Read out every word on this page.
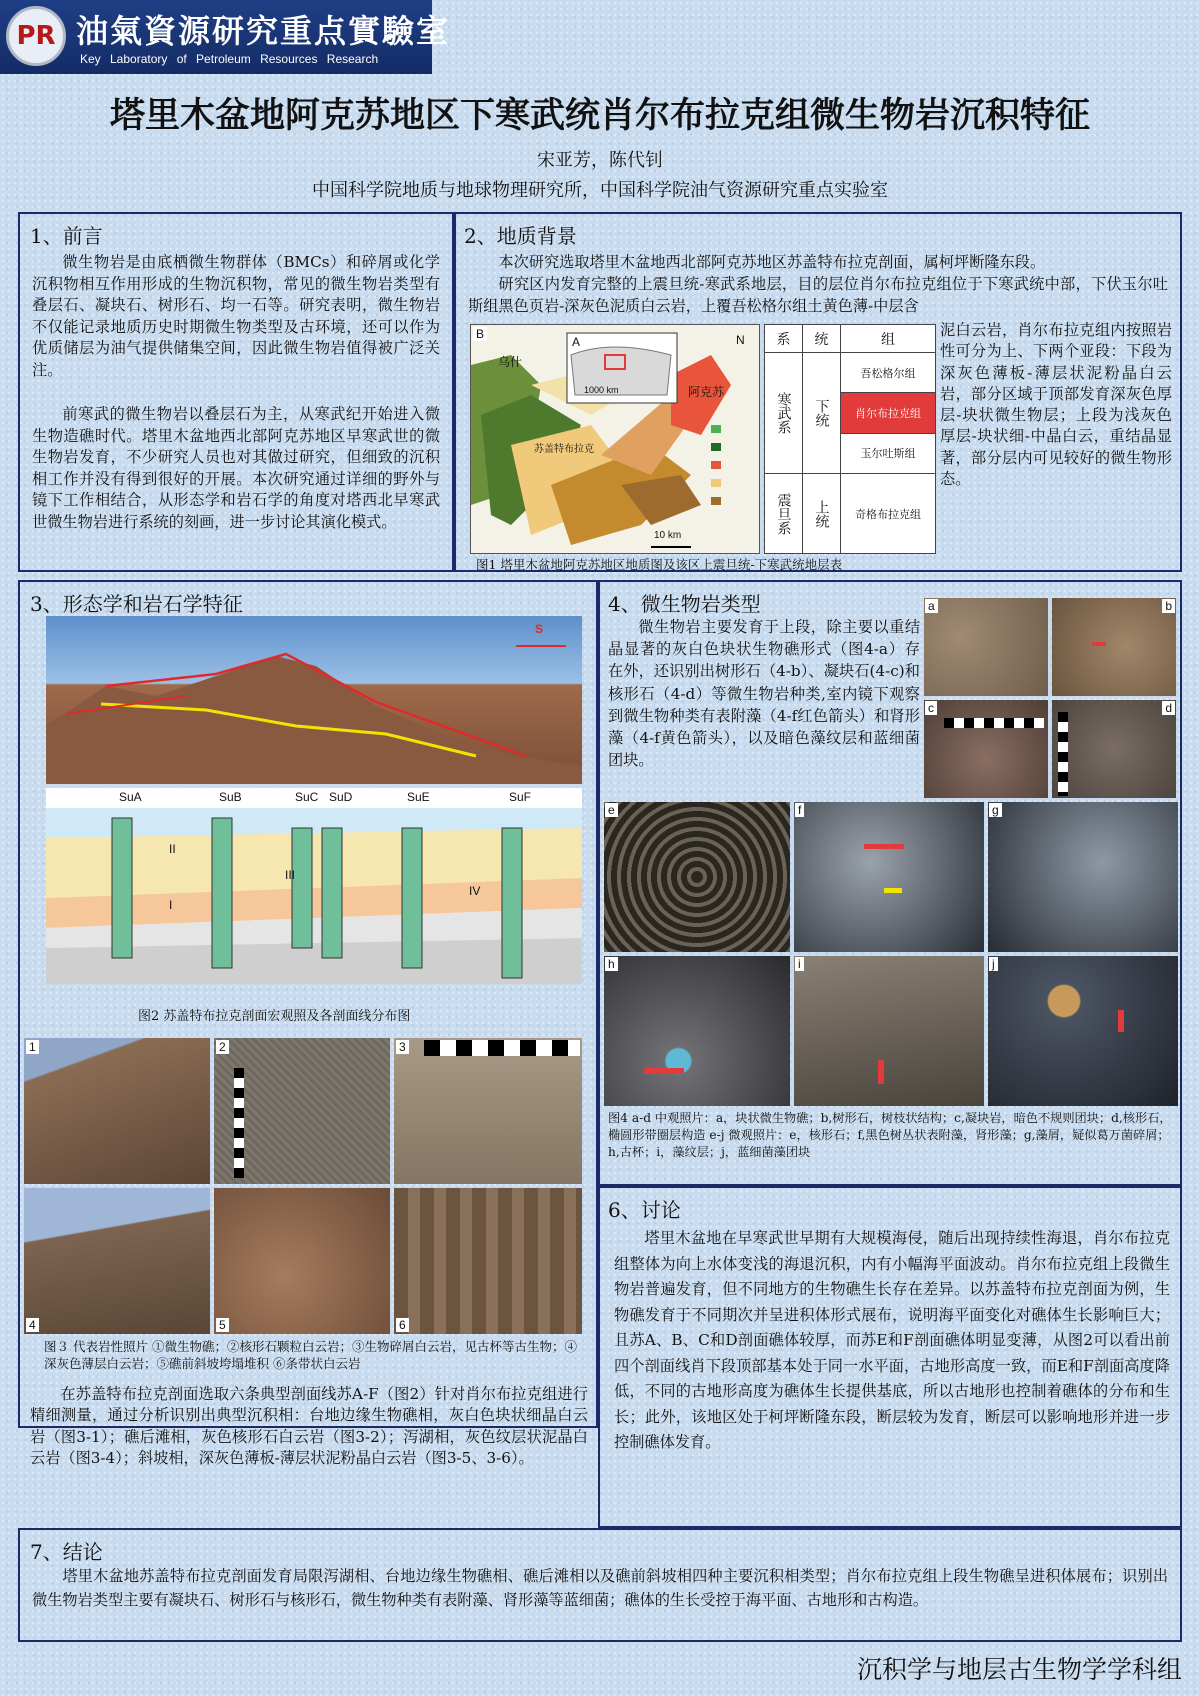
PR 油氣資源研究重点實驗室
Key Laboratory of Petroleum Resources Research
塔里木盆地阿克苏地区下寒武统肖尔布拉克组微生物岩沉积特征
宋亚芳，陈代钊
中国科学院地质与地球物理研究所，中国科学院油气资源研究重点实验室
1、前言
微生物岩是由底栖微生物群体（BMCs）和碎屑或化学沉积物相互作用形成的生物沉积物，常见的微生物岩类型有叠层石、凝块石、树形石、均一石等。研究表明，微生物岩不仅能记录地质历史时期微生物类型及古环境，还可以作为优质储层为油气提供储集空间，因此微生物岩值得被广泛关注。
前寒武的微生物岩以叠层石为主，从寒武纪开始进入微生物造礁时代。塔里木盆地西北部阿克苏地区早寒武世的微生物岩发育，不少研究人员也对其做过研究，但细致的沉积相工作并没有得到很好的开展。本次研究通过详细的野外与镜下工作相结合，从形态学和岩石学的角度对塔西北早寒武世微生物岩进行系统的刻画，进一步讨论其演化模式。
2、地质背景
本次研究选取塔里木盆地西北部阿克苏地区苏盖特布拉克剖面，属柯坪断隆东段。
研究区内发育完整的上震旦统-寒武系地层，目的层位肖尔布拉克组位于下寒武统中部，下伏玉尔吐斯组黑色页岩-深灰色泥质白云岩，上覆吾松格尔组土黄色薄-中层含
B
A
乌什
阿克苏
N
1000 km
苏盖特布拉克
10 km
系	统	组
寒武系	下统	吾松格尔组
		肖尔布拉克组
		玉尔吐斯组
震旦系	上统	奇格布拉克组
泥白云岩，肖尔布拉克组内按照岩性可分为上、下两个亚段：下段为深灰色薄板-薄层状泥粉晶白云岩，部分区域于顶部发育深灰色厚层-块状微生物层；上段为浅灰色厚层-块状细-中晶白云，重结晶显著，部分层内可见较好的微生物形态。
图1 塔里木盆地阿克苏地区地质图及该区上震旦统-下寒武统地层表
3、形态学和岩石学特征
S
SuA	SuB	SuC SuD	SuE	SuF
II
I
III
IV
图2 苏盖特布拉克剖面宏观照及各剖面线分布图
1	2	3
4	5	6
图３ 代表岩性照片 ①微生物礁；②核形石颗粒白云岩；③生物碎屑白云岩，见古杯等古生物；④深灰色薄层白云岩；⑤礁前斜坡垮塌堆积 ⑥条带状白云岩
4、微生物岩类型
微生物岩主要发育于上段，除主要以重结晶显著的灰白色块状生物礁形式（图4-a）存在外，还识别出树形石（4-b）、凝块石(4-c)和核形石（4-d）等微生物岩种类,室内镜下观察到微生物种类有表附藻（4-f红色箭头）和肾形藻（4-f黄色箭头），以及暗色藻纹层和蓝细菌团块。
a	b
c	d
e	f	g
h	i	j
图4 a-d 中观照片：a，块状微生物礁；b,树形石，树枝状结构；c,凝块岩，暗色不规则团块；d,核形石，椭圆形带圈层构造 e-j 微观照片：e，核形石；f,黑色树丛状表附藻，肾形藻；g,藻屑，疑似葛万菌碎屑；h,古杯；i，藻纹层；j，蓝细菌藻团块
6、讨论
塔里木盆地在早寒武世早期有大规模海侵，随后出现持续性海退，肖尔布拉克组整体为向上水体变浅的海退沉积，内有小幅海平面波动。肖尔布拉克组上段微生物岩普遍发育，但不同地方的生物礁生长存在差异。以苏盖特布拉克剖面为例，生物礁发育于不同期次并呈进积体形式展布，说明海平面变化对礁体生长影响巨大；且苏A、B、C和D剖面礁体较厚，而苏E和F剖面礁体明显变薄，从图2可以看出前四个剖面线肖下段顶部基本处于同一水平面，古地形高度一致，而E和F剖面高度降低，不同的古地形高度为礁体生长提供基底，所以古地形也控制着礁体的分布和生长；此外，该地区处于柯坪断隆东段，断层较为发育，断层可以影响地形并进一步控制礁体发育。
7、结论
塔里木盆地苏盖特布拉克剖面发育局限泻湖相、台地边缘生物礁相、礁后滩相以及礁前斜坡相四种主要沉积相类型；肖尔布拉克组上段生物礁呈进积体展布；识别出微生物岩类型主要有凝块石、树形石与核形石，微生物种类有表附藻、肾形藻等蓝细菌；礁体的生长受控于海平面、古地形和古构造。
沉积学与地层古生物学学科组
在苏盖特布拉克剖面选取六条典型剖面线苏A-F（图2）针对肖尔布拉克组进行精细测量，通过分析识别出典型沉积相：台地边缘生物礁相，灰白色块状细晶白云岩（图3-1）；礁后滩相，灰色核形石白云岩（图3-2）；泻湖相，灰色纹层状泥晶白云岩（图3-4）；斜坡相，深灰色薄板-薄层状泥粉晶白云岩（图3-5、3-6）。
